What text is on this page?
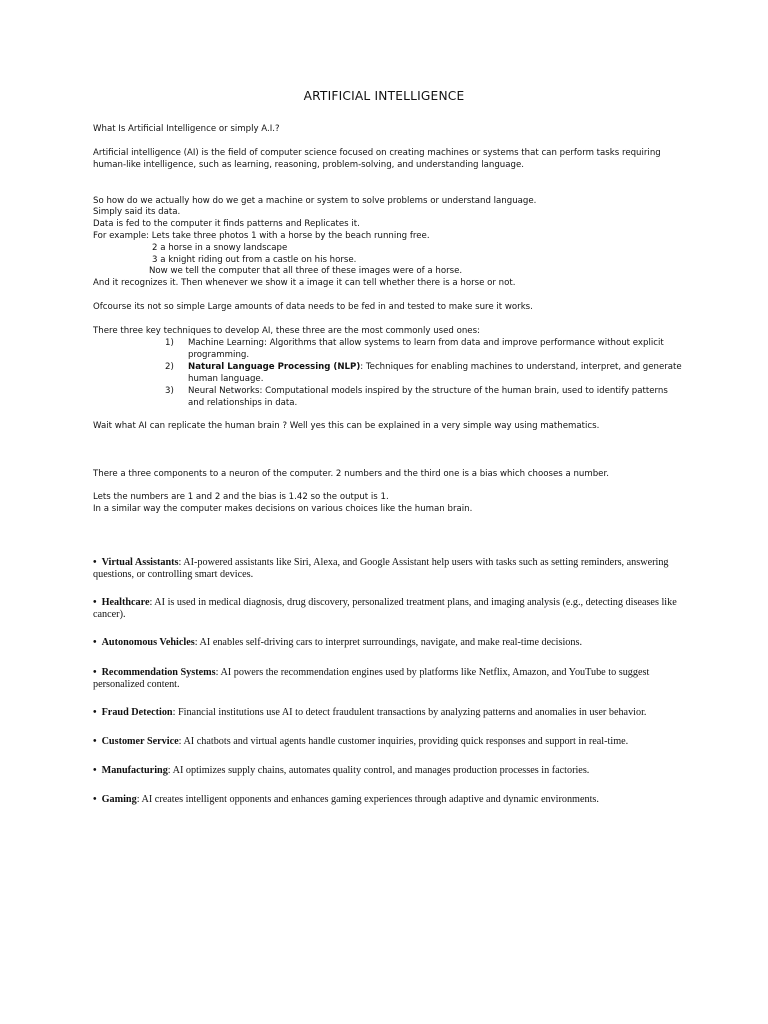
ARTIFICIAL INTELLIGENCE
What Is Artificial Intelligence or simply A.I.?
Artificial intelligence (AI) is the field of computer science focused on creating machines or systems that can perform tasks requiring human-like intelligence, such as learning, reasoning, problem-solving, and understanding language.
So how do we actually how do we get a machine or system to solve problems or understand language.
Simply said its data.
Data is fed to the computer it finds patterns and Replicates it.
For example: Lets take three photos 1 with a horse by the beach running free.
2 a horse in a snowy landscape
3 a knight riding out from a castle on his horse.
Now we tell the computer that all three of these images were of a horse.
And it recognizes it. Then whenever we show it a image it can tell whether there is a horse or not.
Ofcourse its not so simple Large amounts of data needs to be fed in and tested to make sure it works.
There three key techniques to develop AI, these three are the most commonly used ones:
1) Machine Learning: Algorithms that allow systems to learn from data and improve performance without explicit programming.
2) Natural Language Processing (NLP): Techniques for enabling machines to understand, interpret, and generate human language.
3) Neural Networks: Computational models inspired by the structure of the human brain, used to identify patterns and relationships in data.
Wait what AI can replicate the human brain ? Well yes this can be explained in a very simple way using mathematics.
There a three components to a neuron of the computer. 2 numbers and the third one is a bias which chooses a number.
Lets the numbers are 1 and 2 and the bias is 1.42 so the output is 1.
In a similar way the computer makes decisions on various choices like the human brain.
• Virtual Assistants: AI-powered assistants like Siri, Alexa, and Google Assistant help users with tasks such as setting reminders, answering questions, or controlling smart devices.
• Healthcare: AI is used in medical diagnosis, drug discovery, personalized treatment plans, and imaging analysis (e.g., detecting diseases like cancer).
• Autonomous Vehicles: AI enables self-driving cars to interpret surroundings, navigate, and make real-time decisions.
• Recommendation Systems: AI powers the recommendation engines used by platforms like Netflix, Amazon, and YouTube to suggest personalized content.
• Fraud Detection: Financial institutions use AI to detect fraudulent transactions by analyzing patterns and anomalies in user behavior.
• Customer Service: AI chatbots and virtual agents handle customer inquiries, providing quick responses and support in real-time.
• Manufacturing: AI optimizes supply chains, automates quality control, and manages production processes in factories.
• Gaming: AI creates intelligent opponents and enhances gaming experiences through adaptive and dynamic environments.
